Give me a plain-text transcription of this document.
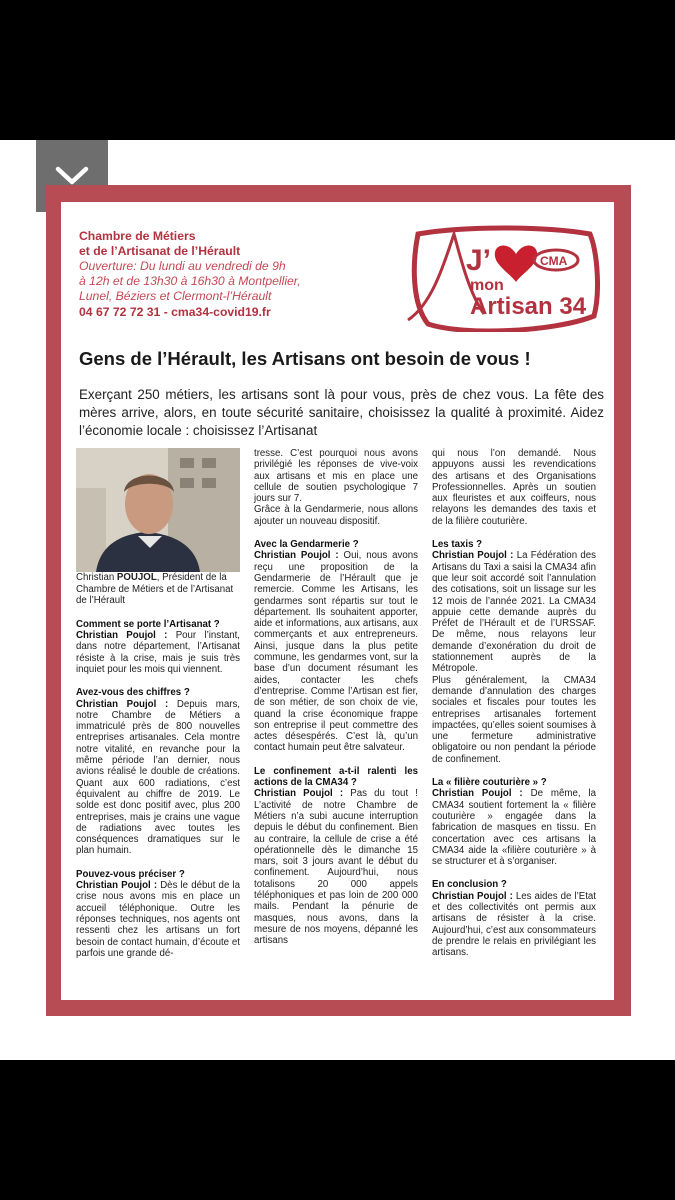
Chambre de Métiers
et de l’Artisanat de l’Hérault
Ouverture: Du lundi au vendredi de 9h
à 12h et de 13h30 à 16h30 à Montpellier,
Lunel, Béziers et Clermont-l’Hérault
04 67 72 72 31 - cma34-covid19.fr
J’	CMA
mon
Artisan 34
Gens de l’Hérault, les Artisans ont besoin de vous !
Exerçant 250 métiers, les artisans sont là pour vous, près de chez vous. La fête des mères arrive, alors, en toute sécurité sanitaire, choisissez la qualité à proximité. Aidez l’économie locale : choisissez l’Artisanat

Christian POUJOL, Président de la Chambre de Métiers et de l’Artisanat de l’Hérault

Comment se porte l’Artisanat ?

Christian Poujol : Pour l’instant, dans notre département, l’Artisanat résiste à la crise, mais je suis très inquiet pour les mois qui viennent.

Avez-vous des chiffres ?

Christian Poujol : Depuis mars, notre Chambre de Métiers a immatriculé près de 800 nouvelles entreprises artisanales. Cela montre notre vitalité, en revanche pour la même période l’an dernier, nous avions réalisé le double de créations. Quant aux 600 radiations, c’est équivalent au chiffre de 2019. Le solde est donc positif avec, plus 200 entreprises, mais je crains une vague de radiations avec toutes les conséquences dramatiques sur le plan humain.

Pouvez-vous préciser ?

Christian Poujol : Dès le début de la crise nous avons mis en place un accueil téléphonique. Outre les réponses techniques, nos agents ont ressenti chez les artisans un fort besoin de contact humain, d’écoute et parfois une grande dé-

tresse. C’est pourquoi nous avons privilégié les réponses de vive-voix aux artisans et mis en place une cellule de soutien psychologique 7 jours sur 7.

Grâce à la Gendarmerie, nous allons ajouter un nouveau dispositif.

Avec la Gendarmerie ?

Christian Poujol : Oui, nous avons reçu une proposition de la Gendarmerie de l’Hérault que je remercie. Comme les Artisans, les gendarmes sont répartis sur tout le département. Ils souhaitent apporter, aide et informations, aux artisans, aux commerçants et aux entrepreneurs. Ainsi, jusque dans la plus petite commune, les gendarmes vont, sur la base d’un document résumant les aides, contacter les chefs d’entreprise. Comme l’Artisan est fier, de son métier, de son choix de vie, quand la crise économique frappe son entreprise il peut commettre des actes désespérés. C’est là, qu’un contact humain peut être salvateur.

Le confinement a-t-il ralenti les actions de la CMA34 ?

Christian Poujol : Pas du tout ! L’activité de notre Chambre de Métiers n’a subi aucune interruption depuis le début du confinement. Bien au contraire, la cellule de crise a été opérationnelle dès le dimanche 15 mars, soit 3 jours avant le début du confinement. Aujourd’hui, nous totalisons 20 000 appels téléphoniques et pas loin de 200 000 mails. Pendant la pénurie de masques, nous avons, dans la mesure de nos moyens, dépanné les artisans

qui nous l’on demandé. Nous appuyons aussi les revendications des artisans et des Organisations Professionnelles. Après un soutien aux fleuristes et aux coiffeurs, nous relayons les demandes des taxis et de la filière couturière.

Les taxis ?

Christian Poujol : La Fédération des Artisans du Taxi a saisi la CMA34 afin que leur soit accordé soit l’annulation des cotisations, soit un lissage sur les 12 mois de l’année 2021. La CMA34 appuie cette demande auprès du Préfet de l’Hérault et de l’URSSAF. De même, nous relayons leur demande d’exonération du droit de stationnement auprès de la Métropole.

Plus généralement, la CMA34 demande d’annulation des charges sociales et fiscales pour toutes les entreprises artisanales fortement impactées, qu’elles soient soumises à une fermeture administrative obligatoire ou non pendant la période de confinement.

La « filière couturière » ?

Christian Poujol : De même, la CMA34 soutient fortement la « filière couturière » engagée dans la fabrication de masques en tissu. En concertation avec ces artisans la CMA34 aide la «filière couturière » à se structurer et à s’organiser.

En conclusion ?

Christian Poujol : Les aides de l’Etat et des collectivités ont permis aux artisans de résister à la crise. Aujourd’hui, c’est aux consommateurs de prendre le relais en privilégiant les artisans.
